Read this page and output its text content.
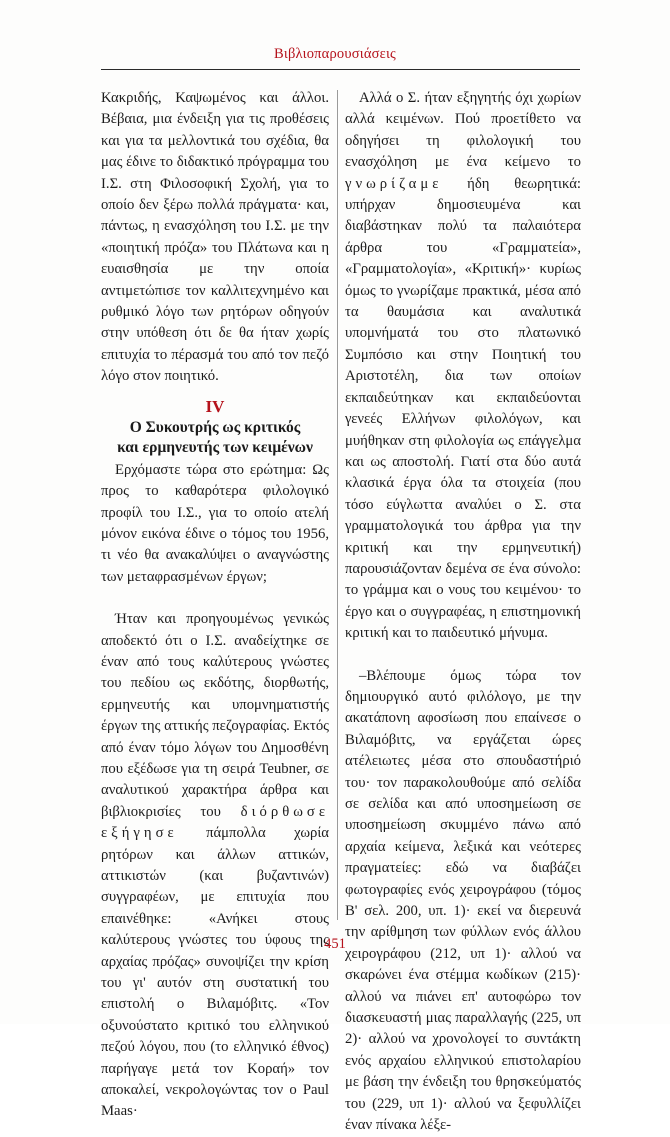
Βιβλιοπαρουσιάσεις

Κακριδής, Καψωμένος και άλλοι. Βέβαια, μια ένδειξη για τις προθέσεις και για τα μελλοντικά του σχέδια, θα μας έδινε το διδακτικό πρόγραμμα του Ι.Σ. στη Φιλοσοφική Σχολή, για το οποίο δεν ξέρω πολλά πράγματα· και, πάντως, η ενασχόληση του Ι.Σ. με την «ποιητική πρόζα» του Πλάτωνα και η ευαισθησία με την οποία αντιμετώπισε τον καλλιτεχνημένο και ρυθμικό λόγο των ρητόρων οδηγούν στην υπόθεση ότι δε θα ήταν χωρίς επιτυχία το πέρασμά του από τον πεζό λόγο στον ποιητικό.

IV
Ο Συκουτρής ως κριτικός
και ερμηνευτής των κειμένων

Ερχόμαστε τώρα στο ερώτημα: Ως προς το καθαρότερα φιλολογικό προφίλ του Ι.Σ., για το οποίο ατελή μόνον εικόνα έδινε ο τόμος του 1956, τι νέο θα ανακαλύψει ο αναγνώστης των μεταφρασμένων έργων;

Ήταν και προηγουμένως γενικώς αποδεκτό ότι ο Ι.Σ. αναδείχτηκε σε έναν από τους καλύτερους γνώστες του πεδίου ως εκδότης, διορθωτής, ερμηνευτής και υπομνηματιστής έργων της αττικής πεζογραφίας. Εκτός από έναν τόμο λόγων του Δημοσθένη που εξέδωσε για τη σειρά Teubner, σε αναλυτικού χαρακτήρα άρθρα και βιβλιοκρισίες του διόρθωσε εξήγησε πάμπολλα χωρία ρητόρων και άλλων αττικών, αττικιστών (και βυζαντινών) συγγραφέων, με επιτυχία που επαινέθηκε: «Ανήκει στους καλύτερους γνώστες του ύφους της αρχαίας πρόζας» συνοψίζει την κρίση του γι' αυτόν στη συστατική του επιστολή ο Βιλαμόβιτς. «Τον οξυνούστατο κριτικό του ελληνικού πεζού λόγου, που (το ελληνικό έθνος) παρήγαγε μετά τον Κοραή» τον αποκαλεί, νεκρολογώντας τον ο Paul Maas·

Αλλά ο Σ. ήταν εξηγητής όχι χωρίων αλλά κειμένων. Πού προετίθετο να οδηγήσει τη φιλολογική του ενασχόληση με ένα κείμενο το γνωρίζαμε ήδη θεωρητικά: υπήρχαν δημοσιευμένα και διαβάστηκαν πολύ τα παλαιότερα άρθρα του «Γραμματεία», «Γραμματολογία», «Κριτική»· κυρίως όμως το γνωρίζαμε πρακτικά, μέσα από τα θαυμάσια και αναλυτικά υπομνήματά του στο πλατωνικό Συμπόσιο και στην Ποιητική του Αριστοτέλη, δια των οποίων εκπαιδεύτηκαν και εκπαιδεύονται γενεές Ελλήνων φιλολόγων, και μυήθηκαν στη φιλολογία ως επάγγελμα και ως αποστολή. Γιατί στα δύο αυτά κλασικά έργα όλα τα στοιχεία (που τόσο εύγλωττα αναλύει ο Σ. στα γραμματολογικά του άρθρα για την κριτική και την ερμηνευτική) παρουσιάζονταν δεμένα σε ένα σύνολο: το γράμμα και ο νους του κειμένου· το έργο και ο συγγραφέας, η επιστημονική κριτική και το παιδευτικό μήνυμα.

–Βλέπουμε όμως τώρα τον δημιουργικό αυτό φιλόλογο, με την ακατάπονη αφοσίωση που επαίνεσε ο Βιλαμόβιτς, να εργάζεται ώρες ατέλειωτες μέσα στο σπουδαστήριό του· τον παρακολουθούμε από σελίδα σε σελίδα και από υποσημείωση σε υποσημείωση σκυμμένο πάνω από αρχαία κείμενα, λεξικά και νεότερες πραγματείες: εδώ να διαβάζει φωτογραφίες ενός χειρογράφου (τόμος Β' σελ. 200, υπ. 1)· εκεί να διερευνά την αρίθμηση των φύλλων ενός άλλου χειρογράφου (212, υπ 1)· αλλού να σκαρώνει ένα στέμμα κωδίκων (215)· αλλού να πιάνει επ' αυτοφώρω τον διασκευαστή μιας παραλλαγής (225, υπ 2)· αλλού να χρονολογεί το συντάκτη ενός αρχαίου ελληνικού επιστολαρίου με βάση την ένδειξη του θρησκεύματός του (229, υπ 1)· αλλού να ξεφυλλίζει έναν πίνακα λέξε-

451
